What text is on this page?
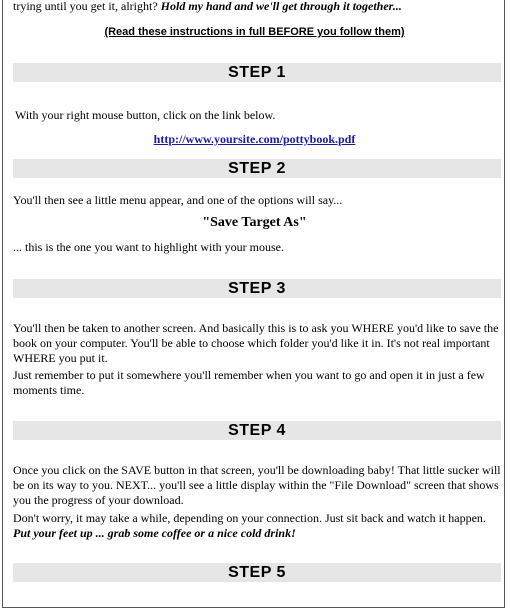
trying until you get it, alright? Hold my hand and we'll get through it together...
(Read these instructions in full BEFORE you follow them)
STEP 1
With your right mouse button, click on the link below.
http://www.yoursite.com/pottybook.pdf
STEP 2
You'll then see a little menu appear, and one of the options will say...
"Save Target As"
... this is the one you want to highlight with your mouse.
STEP 3
You'll then be taken to another screen. And basically this is to ask you WHERE you'd like to save the book on your computer. You'll be able to choose which folder you'd like it in. It's not real important WHERE you put it.
Just remember to put it somewhere you'll remember when you want to go and open it in just a few moments time.
STEP 4
Once you click on the SAVE button in that screen, you'll be downloading baby! That little sucker will be on its way to you. NEXT... you'll see a little display within the "File Download" screen that shows you the progress of your download.
Don't worry, it may take a while, depending on your connection. Just sit back and watch it happen.
Put your feet up ... grab some coffee or a nice cold drink!
STEP 5
